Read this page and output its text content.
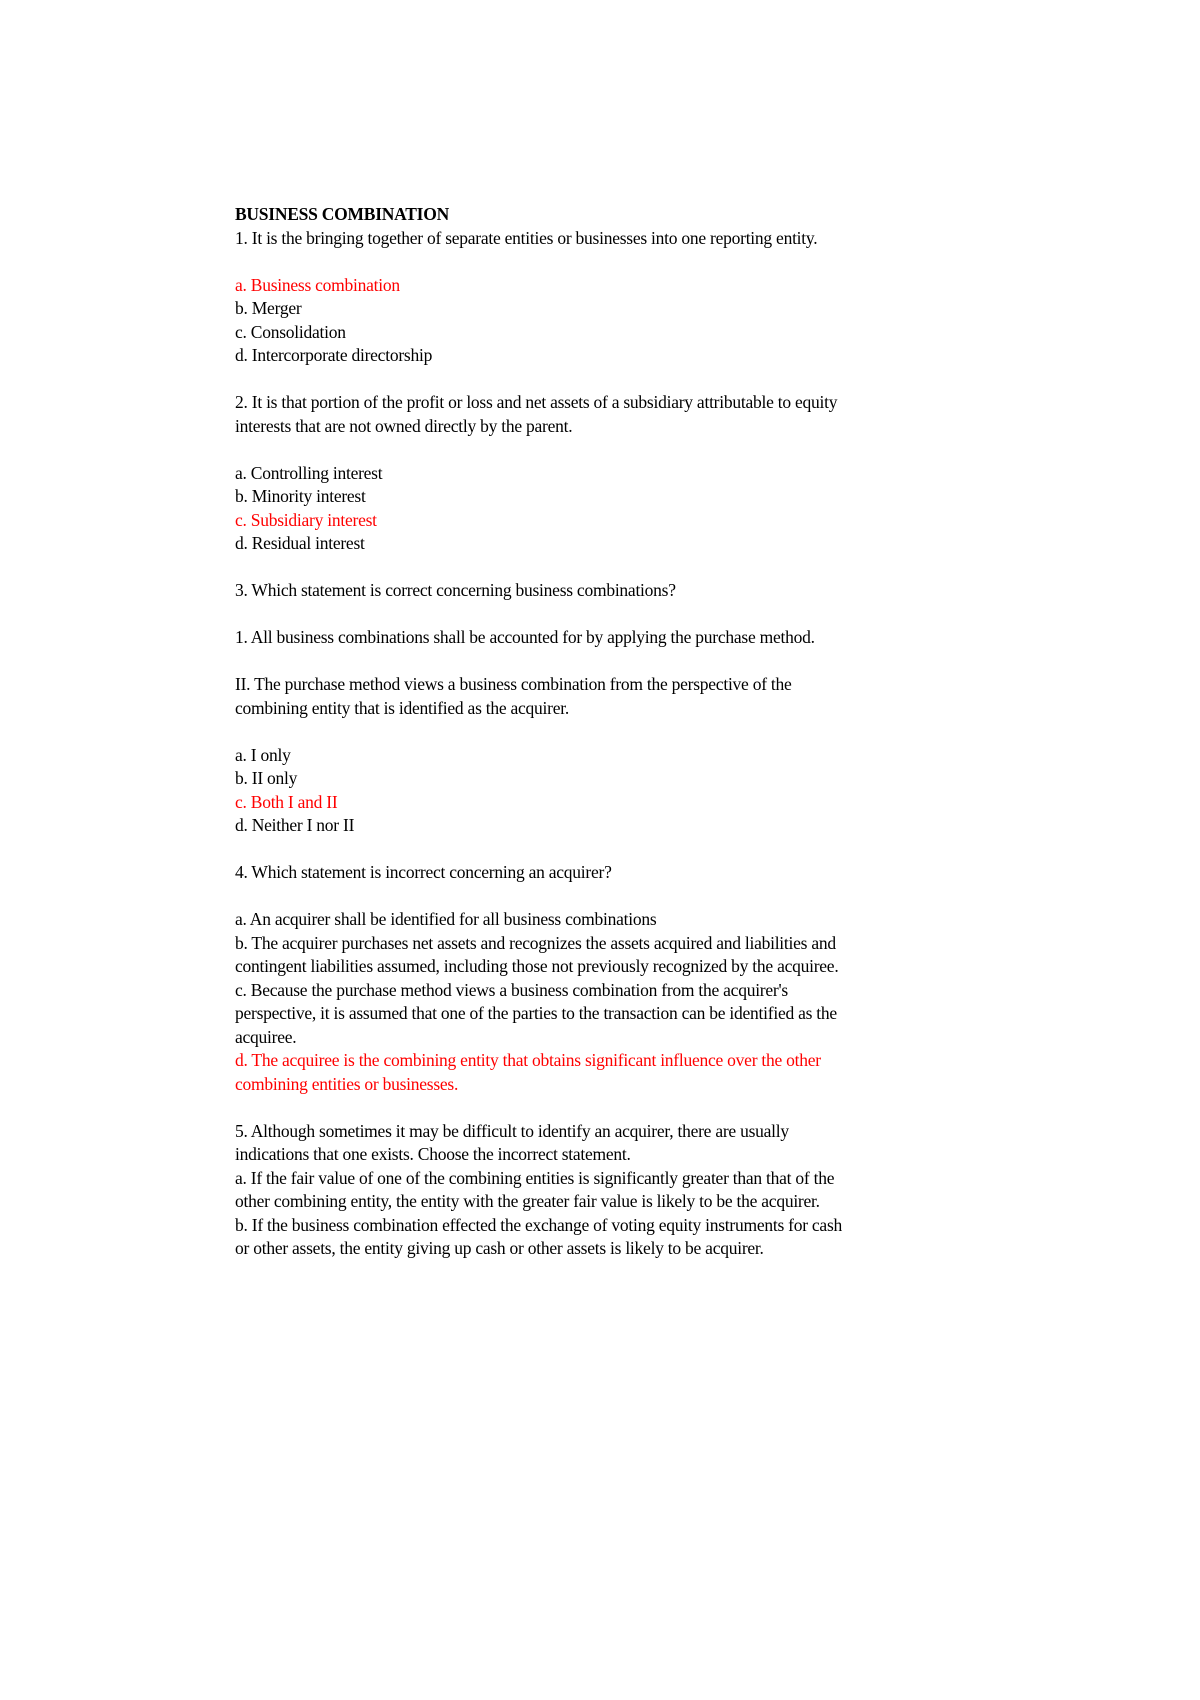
BUSINESS COMBINATION

1. It is the bringing together of separate entities or businesses into one reporting entity.

a. Business combination

b. Merger

c. Consolidation

d. Intercorporate directorship

2. It is that portion of the profit or loss and net assets of a subsidiary attributable to equity

interests that are not owned directly by the parent.

a. Controlling interest

b. Minority interest

c. Subsidiary interest

d. Residual interest

3. Which statement is correct concerning business combinations?

1. All business combinations shall be accounted for by applying the purchase method.

II. The purchase method views a business combination from the perspective of the

combining entity that is identified as the acquirer.

a. I only

b. II only

c. Both I and II

d. Neither I nor II

4. Which statement is incorrect concerning an acquirer?

a. An acquirer shall be identified for all business combinations

b. The acquirer purchases net assets and recognizes the assets acquired and liabilities and

contingent liabilities assumed, including those not previously recognized by the acquiree.

c. Because the purchase method views a business combination from the acquirer's

perspective, it is assumed that one of the parties to the transaction can be identified as the

acquiree.

d. The acquiree is the combining entity that obtains significant influence over the other

combining entities or businesses.

5. Although sometimes it may be difficult to identify an acquirer, there are usually

indications that one exists. Choose the incorrect statement.

a. If the fair value of one of the combining entities is significantly greater than that of the

other combining entity, the entity with the greater fair value is likely to be the acquirer.

b. If the business combination effected the exchange of voting equity instruments for cash

or other assets, the entity giving up cash or other assets is likely to be acquirer.
